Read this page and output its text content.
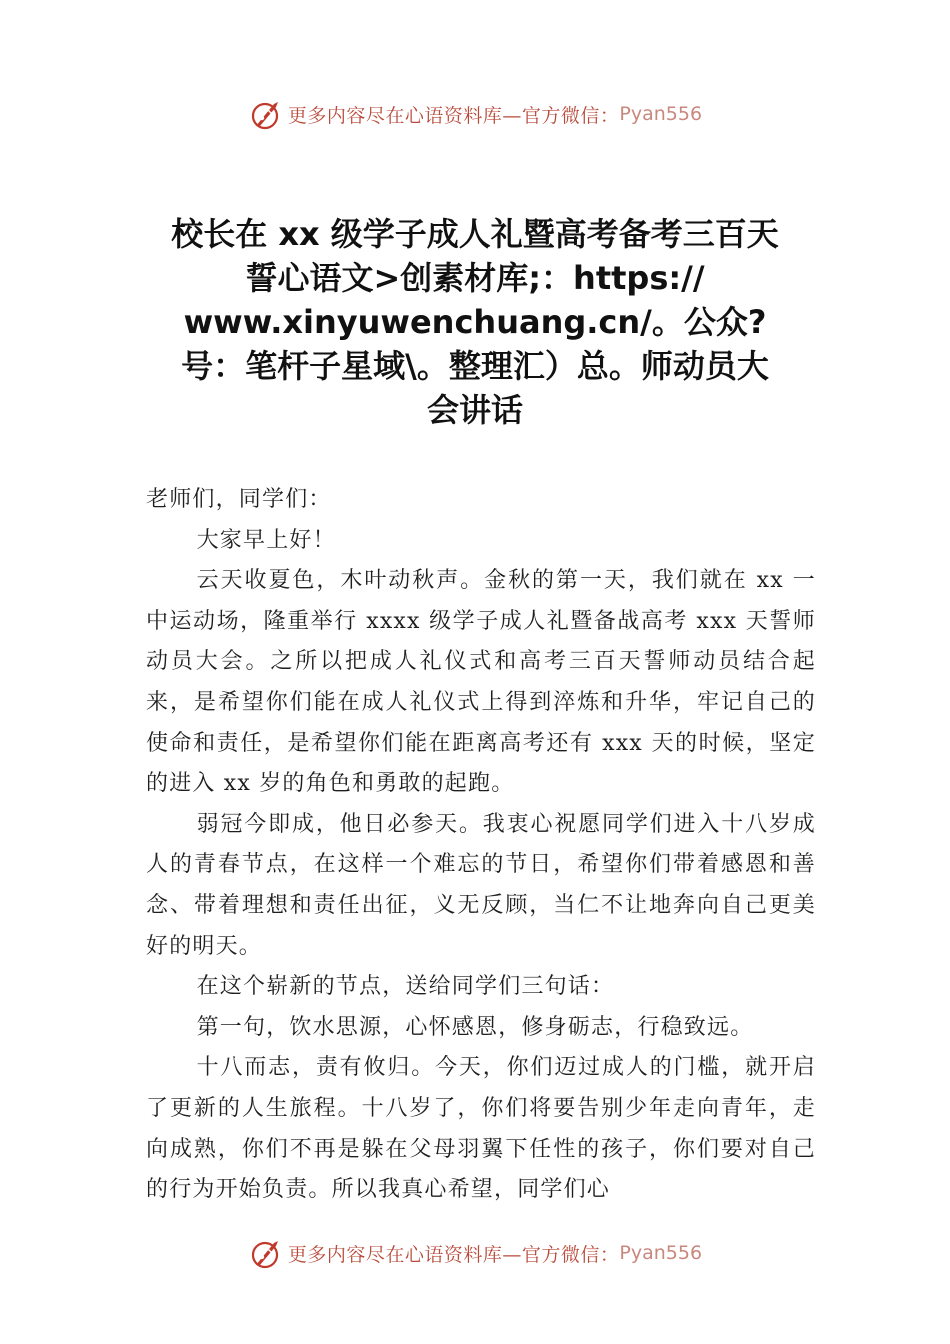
更多内容尽在心语资料库—官方微信： Pyan556
校长在 xx 级学子成人礼暨高考备考三百天
誓心语文>创素材库;：https://
www.xinyuwenchuang.cn/。公众?
号：笔杆子星域\。整理汇）总。师动员大
会讲话

老师们，同学们：

大家早上好！

云天收夏色，木叶动秋声。金秋的第一天，我们就在 xx 一中运动场，隆重举行 xxxx 级学子成人礼暨备战高考 xxx 天誓师动员大会。之所以把成人礼仪式和高考三百天誓师动员结合起来，是希望你们能在成人礼仪式上得到淬炼和升华，牢记自己的使命和责任，是希望你们能在距离高考还有 xxx 天的时候，坚定的进入 xx 岁的角色和勇敢的起跑。

弱冠今即成，他日必参天。我衷心祝愿同学们进入十八岁成人的青春节点，在这样一个难忘的节日，希望你们带着感恩和善念、带着理想和责任出征，义无反顾，当仁不让地奔向自己更美好的明天。

在这个崭新的节点，送给同学们三句话：

第一句，饮水思源，心怀感恩，修身砺志，行稳致远。

十八而志，责有攸归。今天，你们迈过成人的门槛，就开启了更新的人生旅程。十八岁了，你们将要告别少年走向青年，走向成熟，你们不再是躲在父母羽翼下任性的孩子，你们要对自己的行为开始负责。所以我真心希望，同学们心

更多内容尽在心语资料库—官方微信： Pyan556
